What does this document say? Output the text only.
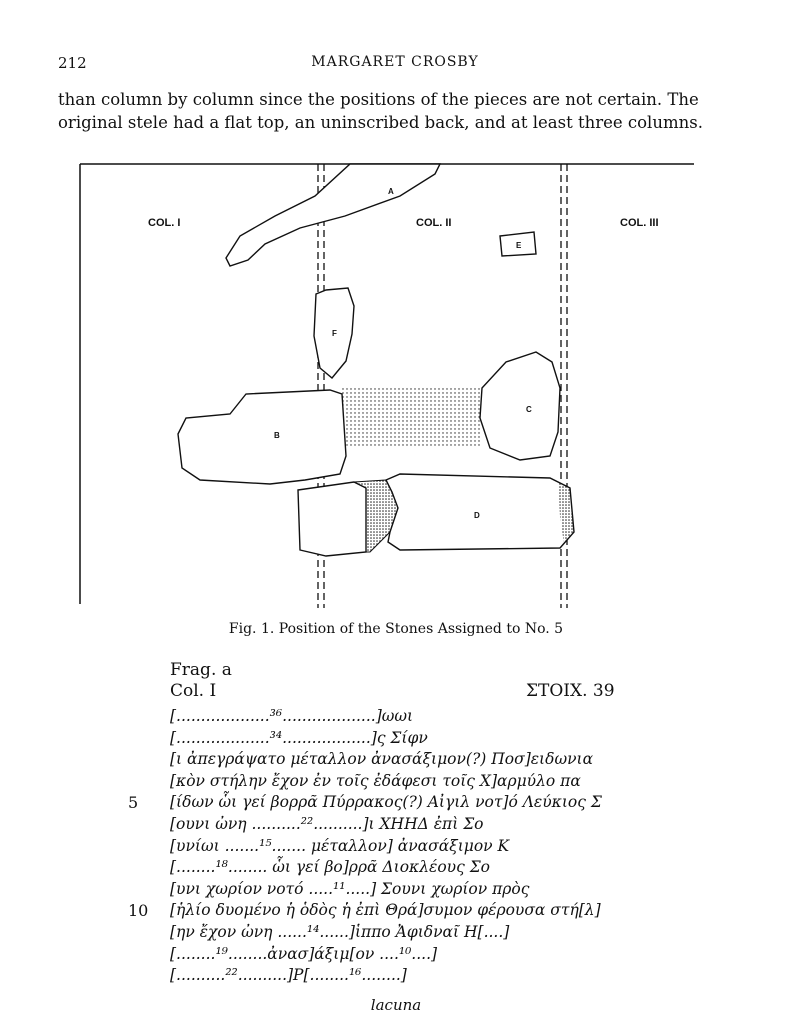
212	MARGARET CROSBY

than column by column since the positions of the pieces are not certain. The original stele had a flat top, an uninscribed back, and at least three columns.

COL. I	COL. II	COL. III
A
E
F
B
C
D
Fig. 1. Position of the Stones Assigned to No. 5
Frag. a
Col. I	ΣΤΟΙΧ. 39
[...................³⁶...................]ωωι
[...................³⁴..................]ς Σίφν
[ι ἀπεγράψατο μέταλλον ἀνασάξιμον(?) Ποσ]ειδωνια
[κὸν στήλην ἔχον ἐν τοῖς ἐδάφεσι τοῖς Χ]αρμύλο πα
5 [ίδων ὧι γεί βορρᾶ Πύρρακος(?) Αἰγιλ νοτ]ό Λεύκιος Σ
[ουνι ὠνη ..........²²..........]ι ΧΗΗΔ ἐπὶ Σο
[υνίωι .......¹⁵....... μέταλλον] ἀνασάξιμον Κ
[........¹⁸........ ὧι γεί βο]ρρᾶ Διοκλέους Σο
[υνι χωρίον νοτό .....¹¹.....] Σουνι χωρίον πρὸς
10 [ἡλίο δυομένο ἡ ὁδὸς ἡ ἐπὶ Θρά]συμον φέρουσα στή[λ]
[ην ἔχον ὠνη ......¹⁴......]ἱππο Ἀφιδναῖ Η[....]
[........¹⁹........ἀνασ]άξιμ[ον ....¹⁰....]
[..........²²..........]Ρ[........¹⁶........]
lacuna
